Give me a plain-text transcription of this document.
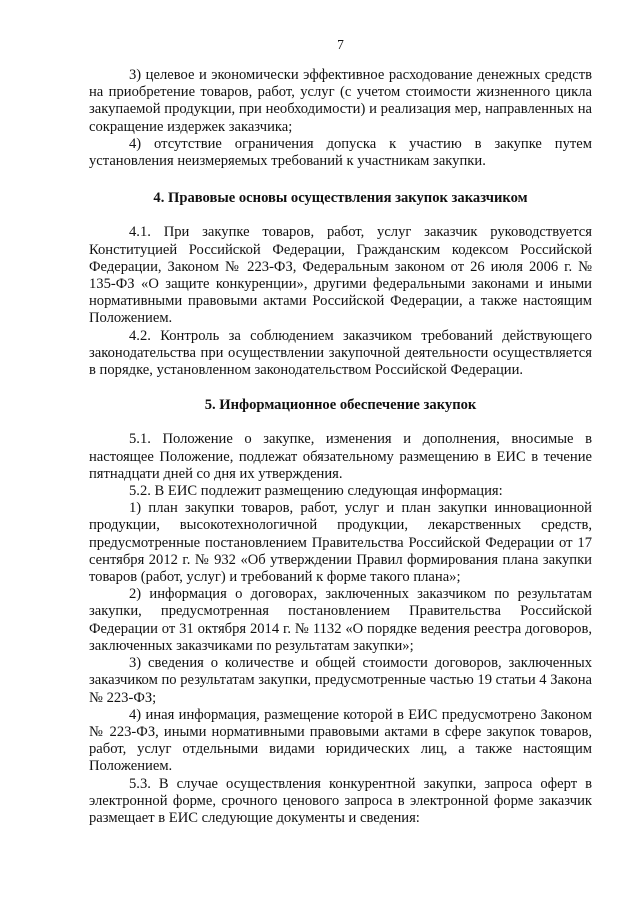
7

3) целевое и экономически эффективное расходование денежных средств на приобретение товаров, работ, услуг (с учетом стоимости жизненного цикла закупаемой продукции, при необходимости) и реализация мер, направленных на сокращение издержек заказчика;

4) отсутствие ограничения допуска к участию в закупке путем установления неизмеряемых требований к участникам закупки.

4. Правовые основы осуществления закупок заказчиком

4.1. При закупке товаров, работ, услуг заказчик руководствуется Конституцией Российской Федерации, Гражданским кодексом Российской Федерации, Законом № 223-ФЗ, Федеральным законом от 26 июля 2006 г. № 135-ФЗ «О защите конкуренции», другими федеральными законами и иными нормативными правовыми актами Российской Федерации, а также настоящим Положением.

4.2. Контроль за соблюдением заказчиком требований действующего законодательства при осуществлении закупочной деятельности осуществляется в порядке, установленном законодательством Российской Федерации.

5. Информационное обеспечение закупок

5.1. Положение о закупке, изменения и дополнения, вносимые в настоящее Положение, подлежат обязательному размещению в ЕИС в течение пятнадцати дней со дня их утверждения.

5.2. В ЕИС подлежит размещению следующая информация:

1) план закупки товаров, работ, услуг и план закупки инновационной продукции, высокотехнологичной продукции, лекарственных средств, предусмотренные постановлением Правительства Российской Федерации от 17 сентября 2012 г. № 932 «Об утверждении Правил формирования плана закупки товаров (работ, услуг) и требований к форме такого плана»;

2) информация о договорах, заключенных заказчиком по результатам закупки, предусмотренная постановлением Правительства Российской Федерации от 31 октября 2014 г. № 1132 «О порядке ведения реестра договоров, заключенных заказчиками по результатам закупки»;

3) сведения о количестве и общей стоимости договоров, заключенных заказчиком по результатам закупки, предусмотренные частью 19 статьи 4 Закона № 223-ФЗ;

4) иная информация, размещение которой в ЕИС предусмотрено Законом № 223-ФЗ, иными нормативными правовыми актами в сфере закупок товаров, работ, услуг отдельными видами юридических лиц, а также настоящим Положением.

5.3. В случае осуществления конкурентной закупки, запроса оферт в электронной форме, срочного ценового запроса в электронной форме заказчик размещает в ЕИС следующие документы и сведения:
